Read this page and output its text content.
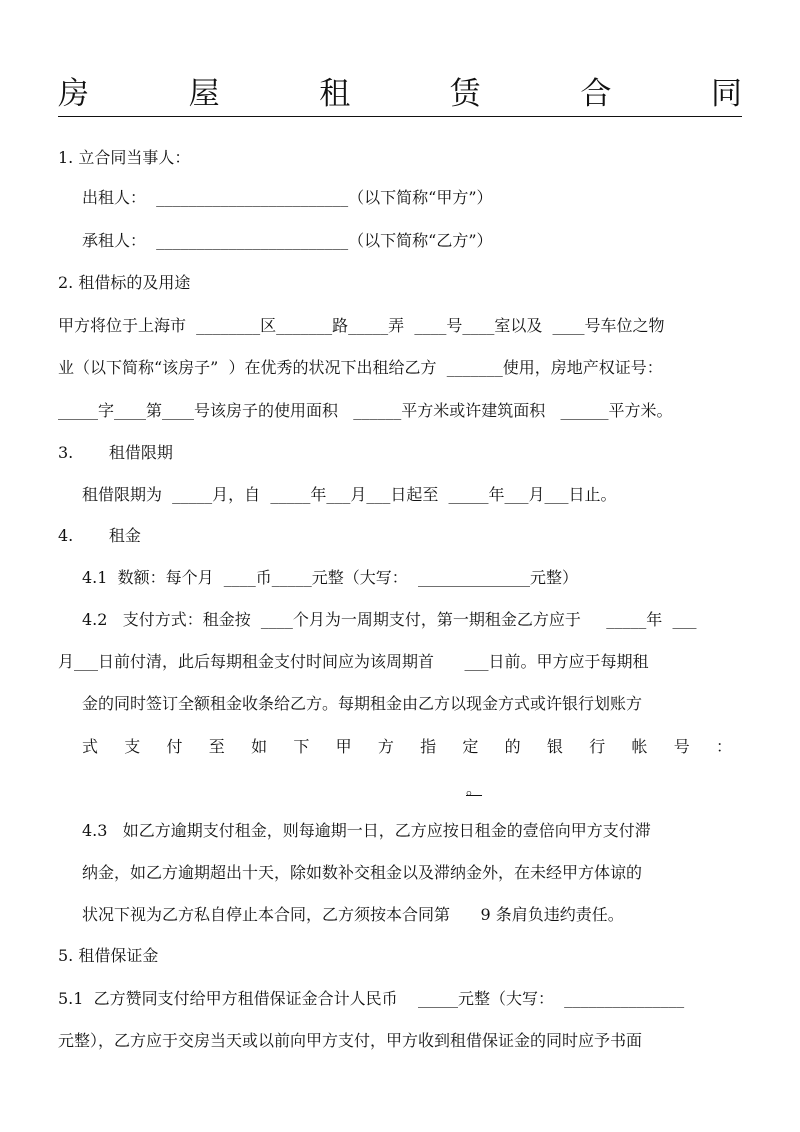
房	屋	租	赁	合	同
1. 立合同当事人：
出租人：  ________________________（以下简称“甲方”）
承租人：  ________________________（以下简称“乙方”）
2. 租借标的及用途
甲方将位于上海市  ________区_______路_____弄  ____号____室以及  ____号车位之物
业（以下简称“该房子”  ）在优秀的状况下出租给乙方  _______使用，房地产权证号：
_____字____第____号该房子的使用面积   ______平方米或许建筑面积   ______平方米。
3.       租借限期
租借限期为  _____月，自  _____年___月___日起至  _____年___月___日止。
4.       租金
4.1  数额：每个月  ____币_____元整（大写：  ______________元整）
4.2   支付方式：租金按  ____个月为一周期支付，第一期租金乙方应于     _____年  ___
月___日前付清，此后每期租金支付时间应为该周期首      ___日前。甲方应于每期租
金的同时签订全额租金收条给乙方。每期租金由乙方以现金方式或许银行划账方
式 支 付 至 如 下 甲 方 指 定 的 银 行 帐 号 ：
。
4.3   如乙方逾期支付租金，则每逾期一日，乙方应按日租金的壹倍向甲方支付滞
纳金，如乙方逾期超出十天，除如数补交租金以及滞纳金外，在未经甲方体谅的
状况下视为乙方私自停止本合同，乙方须按本合同第      9 条肩负违约责任。
5. 租借保证金
5.1  乙方赞同支付给甲方租借保证金合计人民币    _____元整（大写：  _______________
元整），乙方应于交房当天或以前向甲方支付，甲方收到租借保证金的同时应予书面
